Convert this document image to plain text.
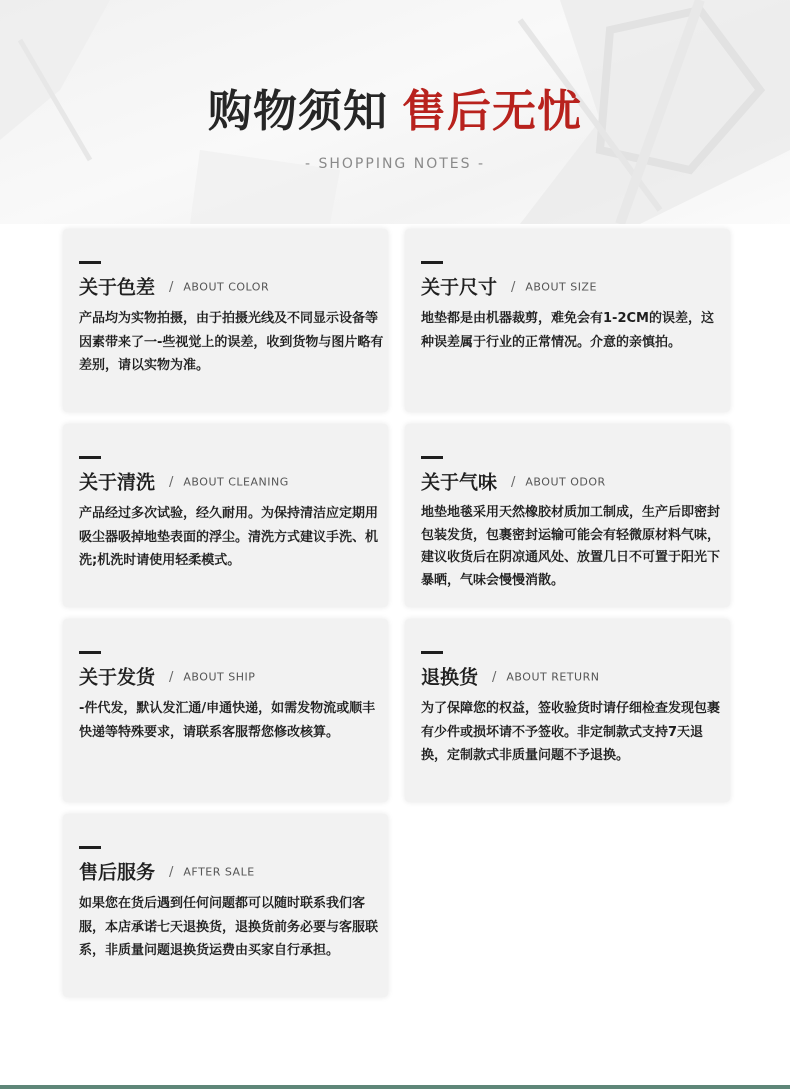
购物须知 售后无忧
- SHOPPING NOTES -
关于色差 / ABOUT COLOR
产品均为实物拍摄，由于拍摄光线及不同显示设备等因素带来了一-些视觉上的误差，收到货物与图片略有差别，请以实物为准。
关于尺寸 / ABOUT SIZE
地垫都是由机器裁剪，难免会有1-2CM的误差，这种误差属于行业的正常情况。介意的亲慎拍。
关于清洗 / ABOUT CLEANING
产品经过多次试验，经久耐用。为保持清洁应定期用吸尘器吸掉地垫表面的浮尘。清洗方式建议手洗、机洗;机洗时请使用轻柔模式。
关于气味 / ABOUT ODOR
地垫地毯采用天然橡胶材质加工制成，生产后即密封包装发货，包裹密封运输可能会有轻微原材料气味，建议收货后在阴凉通风处、放置几日不可置于阳光下暴晒，气味会慢慢消散。
关于发货 / ABOUT SHIP
-件代发，默认发汇通/申通快递，如需发物流或顺丰快递等特殊要求，请联系客服帮您修改核算。
退换货 / ABOUT RETURN
为了保障您的权益，签收验货时请仔细检查发现包裹有少件或损坏请不予签收。非定制款式支持7天退换，定制款式非质量问题不予退换。
售后服务 / AFTER SALE
如果您在货后遇到任何问题都可以随时联系我们客服，本店承诺七天退换货，退换货前务必要与客服联系，非质量问题退换货运费由买家自行承担。
